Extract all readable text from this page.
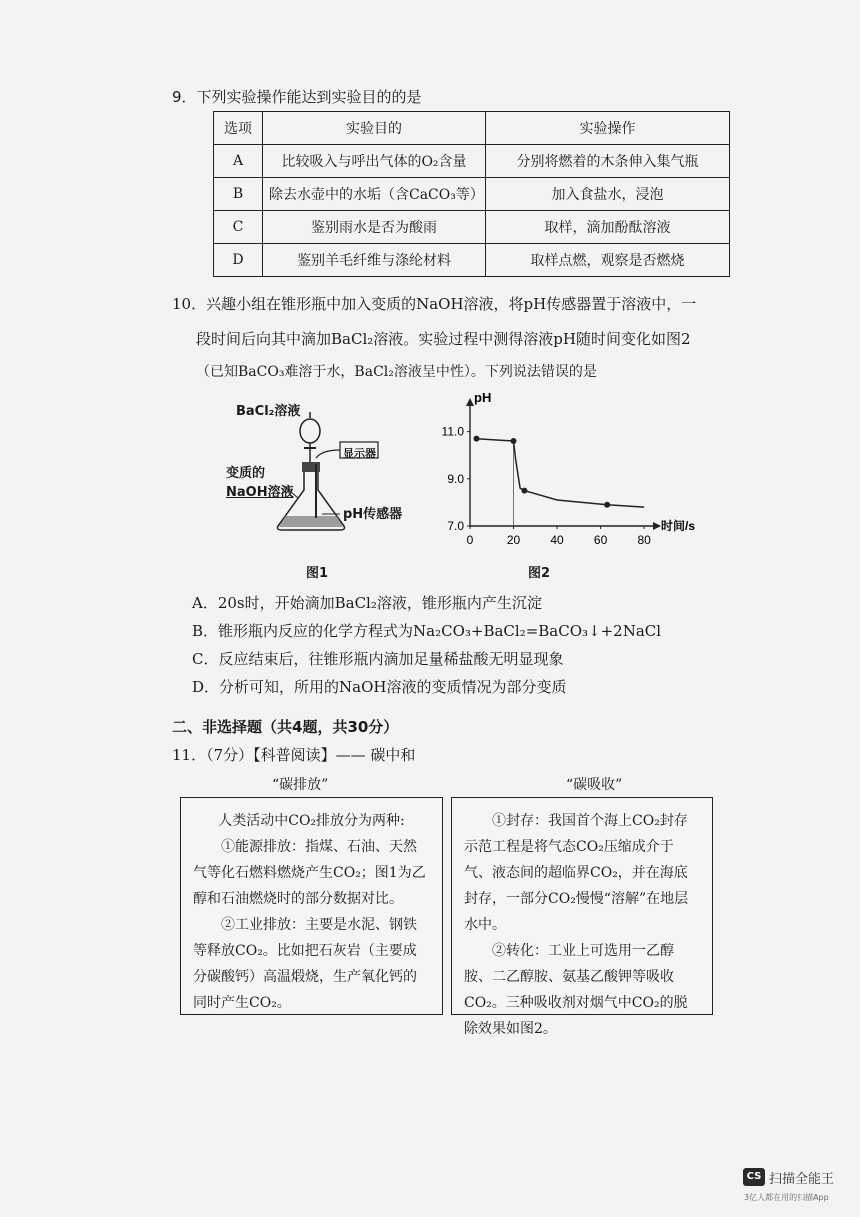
9．下列实验操作能达到实验目的的是
选项	实验目的	实验操作
A	比较吸入与呼出气体的O₂含量	分别将燃着的木条伸入集气瓶
B	除去水壶中的水垢（含CaCO₃等）	加入食盐水，浸泡
C	鉴别雨水是否为酸雨	取样，滴加酚酞溶液
D	鉴别羊毛纤维与涤纶材料	取样点燃，观察是否燃烧
10．兴趣小组在锥形瓶中加入变质的NaOH溶液，将pH传感器置于溶液中，一
段时间后向其中滴加BaCl₂溶液。实验过程中测得溶液pH随时间变化如图2
（已知BaCO₃难溶于水，BaCl₂溶液呈中性）。下列说法错误的是
BaCl₂溶液
显示器
变质的
NaOH溶液
pH传感器
图1
pH
时间/s
7.0
9.0
11.0
0	20	40	60	80
图2
A．20s时，开始滴加BaCl₂溶液，锥形瓶内产生沉淀
B．锥形瓶内反应的化学方程式为Na₂CO₃+BaCl₂=BaCO₃↓+2NaCl
C．反应结束后，往锥形瓶内滴加足量稀盐酸无明显现象
D．分析可知，所用的NaOH溶液的变质情况为部分变质
二、非选择题（共4题，共30分）
11．（7分）【科普阅读】—— 碳中和
“碳排放”	“碳吸收”

人类活动中CO₂排放分为两种:

①能源排放：指煤、石油、天然气等化石燃料燃烧产生CO₂；图1为乙醇和石油燃烧时的部分数据对比。

②工业排放：主要是水泥、钢铁等释放CO₂。比如把石灰岩（主要成分碳酸钙）高温煅烧，生产氧化钙的同时产生CO₂。

①封存：我国首个海上CO₂封存示范工程是将气态CO₂压缩成介于气、液态间的超临界CO₂，并在海底封存，一部分CO₂慢慢“溶解”在地层水中。

②转化：工业上可选用一乙醇胺、二乙醇胺、氨基乙酸钾等吸收CO₂。三种吸收剂对烟气中CO₂的脱除效果如图2。

CS 扫描全能王
3亿人都在用的扫描App
